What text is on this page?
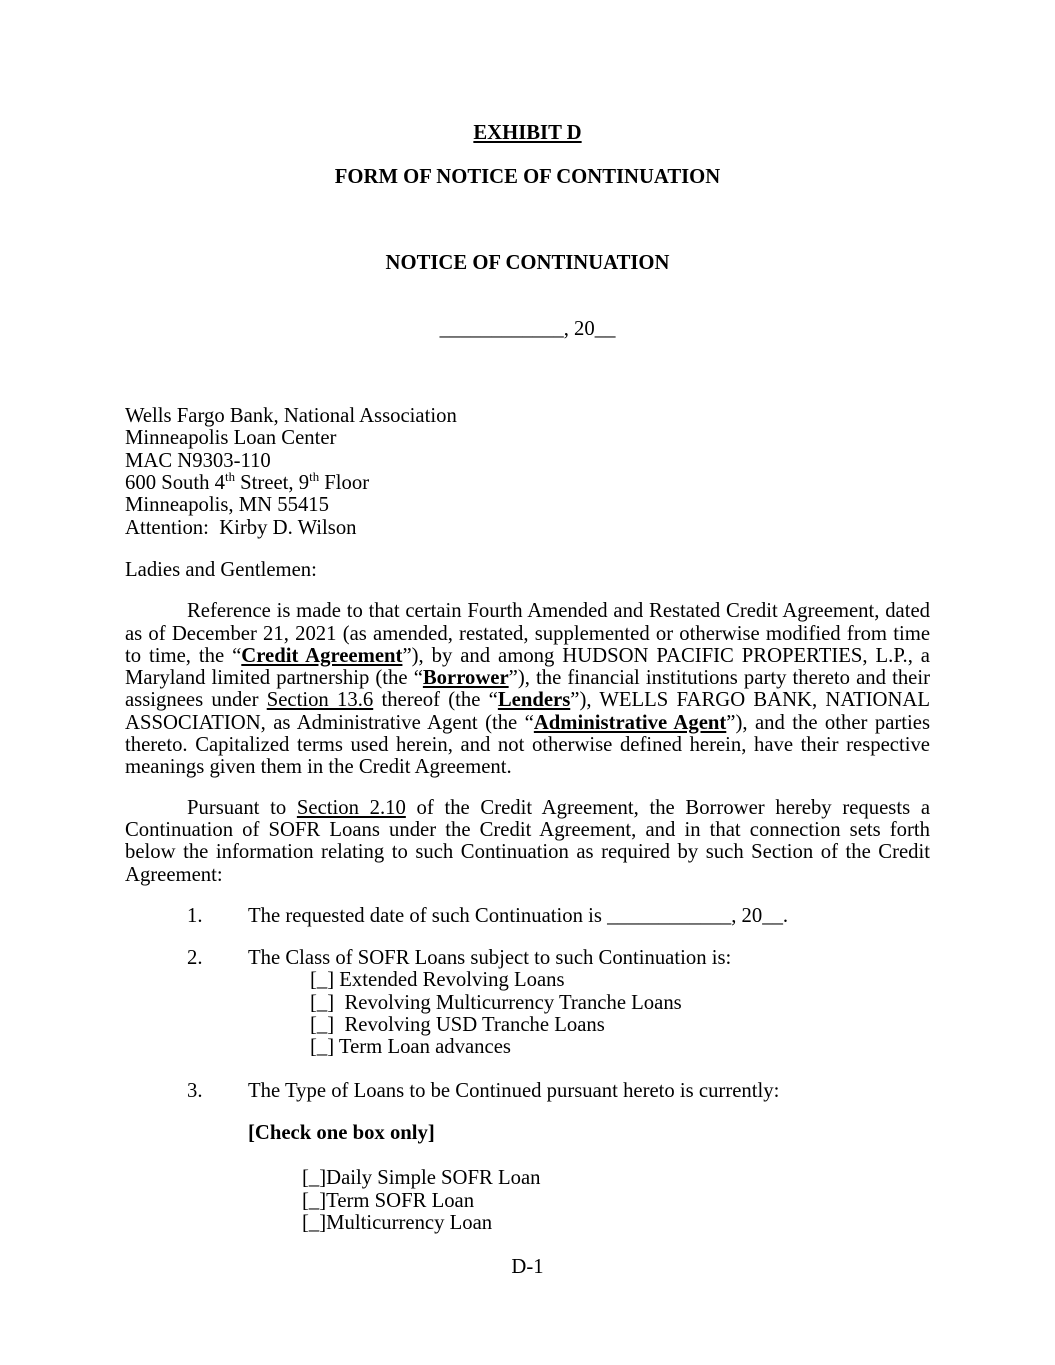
EXHIBIT D
FORM OF NOTICE OF CONTINUATION
NOTICE OF CONTINUATION
____________, 20__
Wells Fargo Bank, National Association
Minneapolis Loan Center
MAC N9303-110
600 South 4th Street, 9th Floor
Minneapolis, MN 55415
Attention:  Kirby D. Wilson
Ladies and Gentlemen:

Reference is made to that certain Fourth Amended and Restated Credit Agreement, dated as of December 21, 2021 (as amended, restated, supplemented or otherwise modified from time to time, the “Credit Agreement”), by and among HUDSON PACIFIC PROPERTIES, L.P., a Maryland limited partnership (the “Borrower”), the financial institutions party thereto and their assignees under Section 13.6 thereof (the “Lenders”), WELLS FARGO BANK, NATIONAL ASSOCIATION, as Administrative Agent (the “Administrative Agent”), and the other parties thereto. Capitalized terms used herein, and not otherwise defined herein, have their respective meanings given them in the Credit Agreement.

Pursuant to Section 2.10 of the Credit Agreement, the Borrower hereby requests a Continuation of SOFR Loans under the Credit Agreement, and in that connection sets forth below the information relating to such Continuation as required by such Section of the Credit Agreement:

1. The requested date of such Continuation is ____________, 20__.
2. The Class of SOFR Loans subject to such Continuation is:
[_] Extended Revolving Loans
[_]  Revolving Multicurrency Tranche Loans
[_]  Revolving USD Tranche Loans
[_] Term Loan advances
3. The Type of Loans to be Continued pursuant hereto is currently:
[Check one box only]
[_]Daily Simple SOFR Loan
[_]Term SOFR Loan
[_]Multicurrency Loan
D-1
